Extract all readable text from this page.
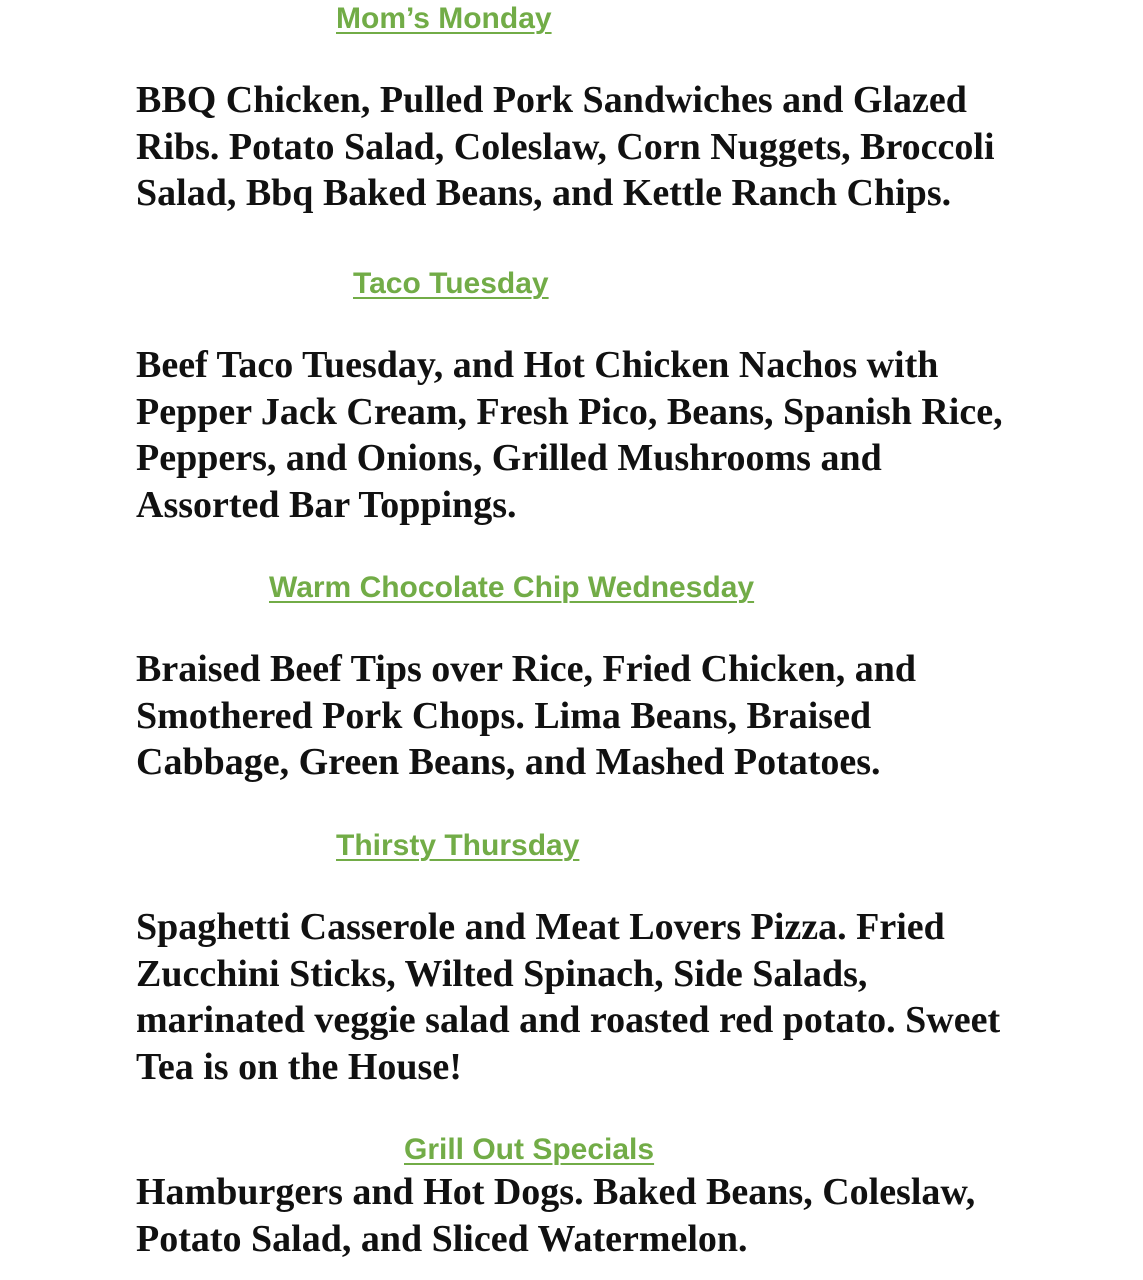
Mom’s Monday

BBQ Chicken, Pulled Pork Sandwiches and Glazed Ribs. Potato Salad, Coleslaw, Corn Nuggets, Broccoli Salad, Bbq Baked Beans, and Kettle Ranch Chips.

Taco Tuesday

Beef Taco Tuesday, and Hot Chicken Nachos with Pepper Jack Cream, Fresh Pico, Beans, Spanish Rice, Peppers, and Onions, Grilled Mushrooms and Assorted Bar Toppings.

Warm Chocolate Chip Wednesday

Braised Beef Tips over Rice, Fried Chicken, and Smothered Pork Chops. Lima Beans, Braised Cabbage, Green Beans, and Mashed Potatoes.

Thirsty Thursday

Spaghetti Casserole and Meat Lovers Pizza. Fried Zucchini Sticks, Wilted Spinach, Side Salads, marinated veggie salad and roasted red potato. Sweet Tea is on the House!

Grill Out Specials

Hamburgers and Hot Dogs. Baked Beans, Coleslaw, Potato Salad, and Sliced Watermelon.
